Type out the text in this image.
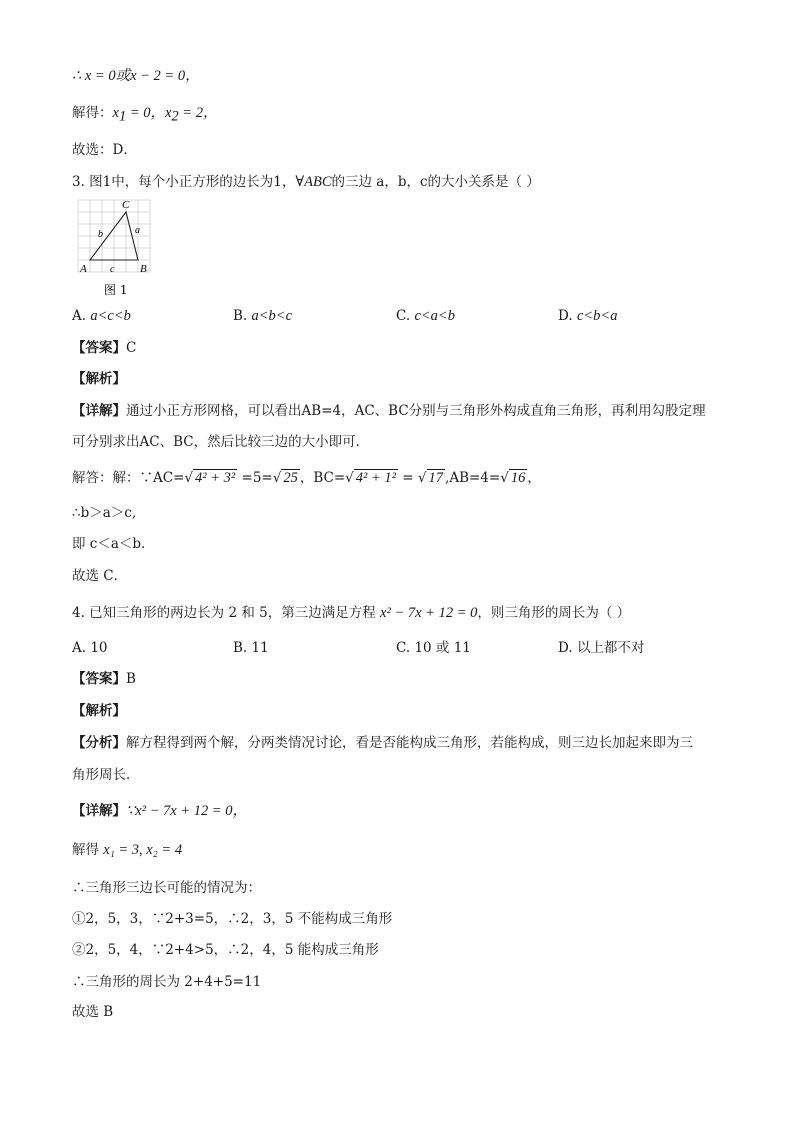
∴ x = 0或x − 2 = 0，
解得：$x_1 = 0$，$x_2 = 2$，
故选：D．
3. 图1中，每个小正方形的边长为1，∀ABC的三边 a，b，c的大小关系是（ ）
A	B
C
a
b
c
图 1
A. a<c<b	B. a<b<c	C. c<a<b	D. c<b<a
【答案】C
【解析】
【详解】通过小正方形网格，可以看出AB=4，AC、BC分别与三角形外构成直角三角形，再利用勾股定理
可分别求出AC、BC，然后比较三边的大小即可．
解答：解：∵AC=√ 4² + 3² =5=√ 25 ，BC=√ 4² + 1² = √ 17 ,AB=4=√ 16 ，
∴b＞a＞c,
即 c＜a＜b．
故选 C．
4. 已知三角形的两边长为 2 和 5，第三边满足方程 x² − 7x + 12 = 0，则三角形的周长为（ ）
A. 10	B. 11	C. 10 或 11	D. 以上都不对
【答案】B
【解析】
【分析】解方程得到两个解，分两类情况讨论，看是否能构成三角形，若能构成，则三边长加起来即为三
角形周长．
【详解】∵x² − 7x + 12 = 0，
解得 x₁ = 3, x₂ = 4
∴三角形三边长可能的情况为：
①2，5，3，∵2+3=5，∴2，3，5 不能构成三角形
②2，5，4，∵2+4>5，∴2，4，5 能构成三角形
∴三角形的周长为 2+4+5=11
故选 B
